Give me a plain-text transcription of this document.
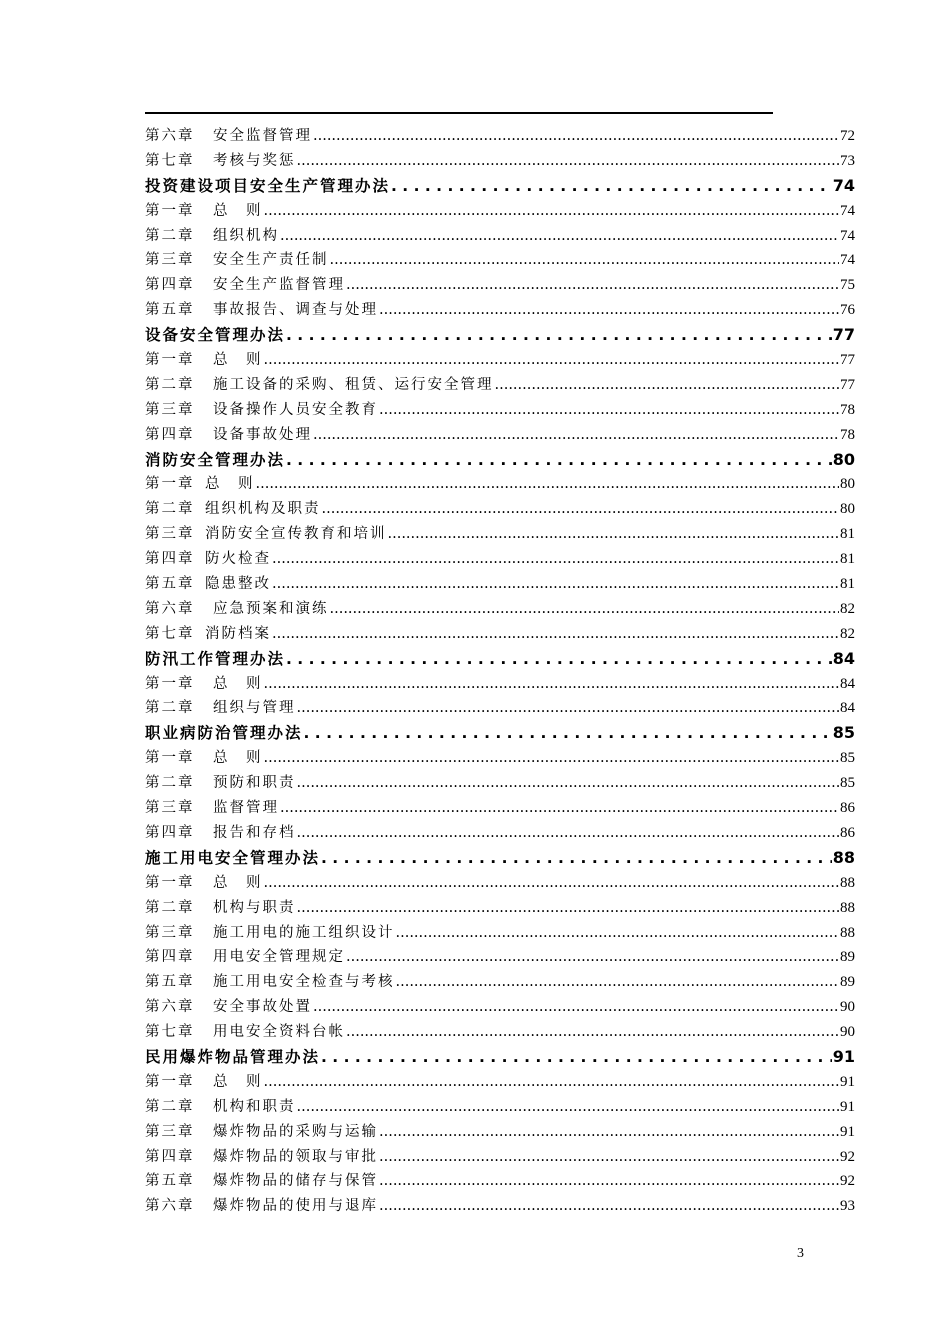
第六章	安全监督管理 .....	72
第七章	考核与奖惩 .....	73
投资建设项目安全生产管理办法 . . .	74
第一章	总　则 .....	74
第二章	组织机构 .....	74
第三章	安全生产责任制 .....	74
第四章	安全生产监督管理 .....	75
第五章	事故报告、调查与处理 .....	76
设备安全管理办法 . . .	77
第一章	总　则 .....	77
第二章	施工设备的采购、租赁、运行安全管理 .....	77
第三章	设备操作人员安全教育 .....	78
第四章	设备事故处理 .....	78
消防安全管理办法 . . .	80
第一章 总　则 .....	80
第二章 组织机构及职责 .....	80
第三章 消防安全宣传教育和培训 .....	81
第四章 防火检查 .....	81
第五章 隐患整改 .....	81
第六章	应急预案和演练 .....	82
第七章 消防档案 .....	82
防汛工作管理办法 . . .	84
第一章	总　则 .....	84
第二章	组织与管理 .....	84
职业病防治管理办法 . . .	85
第一章	总　则 .....	85
第二章	预防和职责 .....	85
第三章	监督管理 .....	86
第四章	报告和存档 .....	86
施工用电安全管理办法 . . .	88
第一章	总　则 .....	88
第二章	机构与职责 .....	88
第三章	施工用电的施工组织设计 .....	88
第四章	用电安全管理规定 .....	89
第五章	施工用电安全检查与考核 .....	89
第六章	安全事故处置 .....	90
第七章	用电安全资料台帐 .....	90
民用爆炸物品管理办法 . . .	91
第一章	总　则 .....	91
第二章	机构和职责 .....	91
第三章	爆炸物品的采购与运输 .....	91
第四章	爆炸物品的领取与审批 .....	92
第五章	爆炸物品的储存与保管 .....	92
第六章	爆炸物品的使用与退库 .....	93
3
